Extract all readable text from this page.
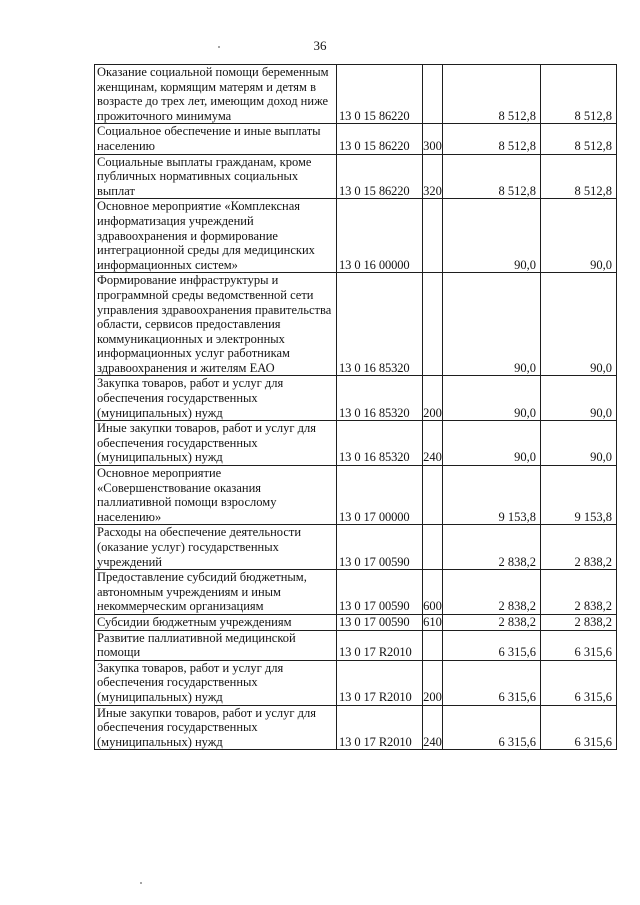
36
Оказание социальной помощи беременным женщинам, кормящим матерям и детям в возрасте до трех лет, имеющим доход ниже прожиточного минимума	13 0 15 86220		8 512,8	8 512,8
Социальное обеспечение и иные выплаты населению	13 0 15 86220	300	8 512,8	8 512,8
Социальные выплаты гражданам, кроме публичных нормативных социальных выплат	13 0 15 86220	320	8 512,8	8 512,8
Основное мероприятие «Комплексная информатизация учреждений здравоохранения и формирование интеграционной среды для медицинских информационных систем»	13 0 16 00000		90,0	90,0
Формирование инфраструктуры и программной среды ведомственной сети управления здравоохранения правительства области, сервисов предоставления коммуникационных и электронных информационных услуг работникам здравоохранения и жителям ЕАО	13 0 16 85320		90,0	90,0
Закупка товаров, работ и услуг для обеспечения государственных (муниципальных) нужд	13 0 16 85320	200	90,0	90,0
Иные закупки товаров, работ и услуг для обеспечения государственных (муниципальных) нужд	13 0 16 85320	240	90,0	90,0
Основное мероприятие «Совершенствование оказания паллиативной помощи взрослому населению»	13 0 17 00000		9 153,8	9 153,8
Расходы на обеспечение деятельности (оказание услуг) государственных учреждений	13 0 17 00590		2 838,2	2 838,2
Предоставление субсидий бюджетным, автономным учреждениям и иным некоммерческим организациям	13 0 17 00590	600	2 838,2	2 838,2
Субсидии бюджетным учреждениям	13 0 17 00590	610	2 838,2	2 838,2
Развитие паллиативной медицинской помощи	13 0 17 R2010		6 315,6	6 315,6
Закупка товаров, работ и услуг для обеспечения государственных (муниципальных) нужд	13 0 17 R2010	200	6 315,6	6 315,6
Иные закупки товаров, работ и услуг для обеспечения государственных (муниципальных) нужд	13 0 17 R2010	240	6 315,6	6 315,6
